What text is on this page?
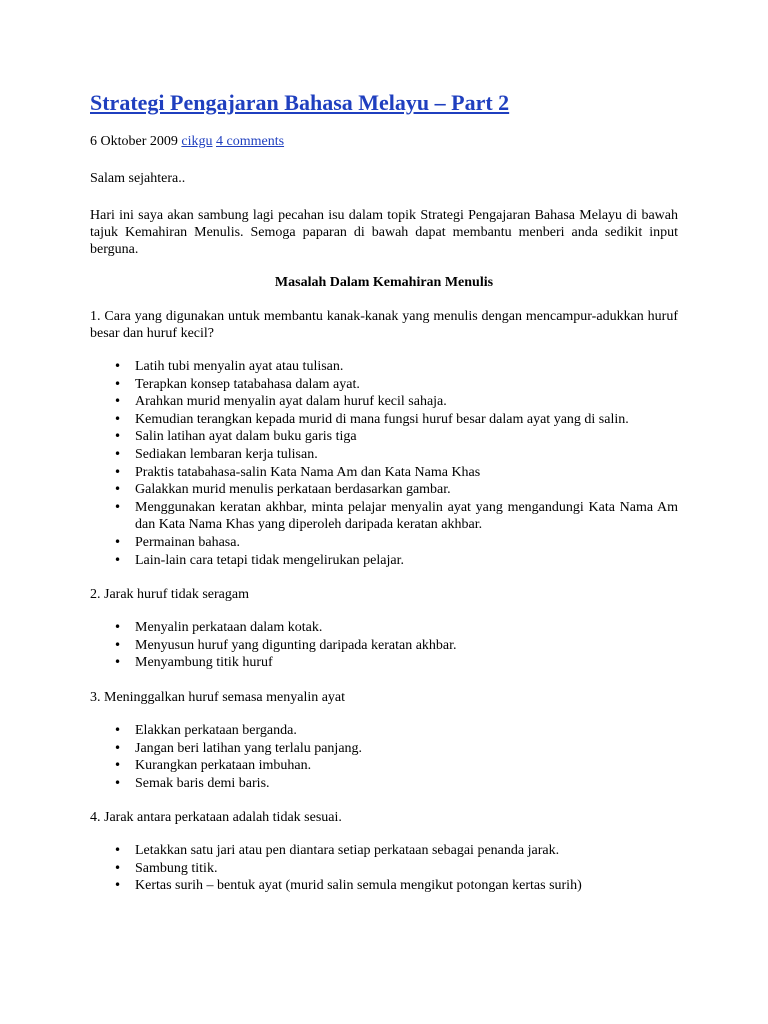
Strategi Pengajaran Bahasa Melayu – Part 2
6 Oktober 2009 cikgu 4 comments

Salam sejahtera..

Hari ini saya akan sambung lagi pecahan isu dalam topik Strategi Pengajaran Bahasa Melayu di bawah tajuk Kemahiran Menulis. Semoga paparan di bawah dapat membantu menberi anda sedikit input berguna.

Masalah Dalam Kemahiran Menulis

1. Cara yang digunakan untuk membantu kanak-kanak yang menulis dengan mencampur-adukkan huruf besar dan huruf kecil?

• Latih tubi menyalin ayat atau tulisan.
• Terapkan konsep tatabahasa dalam ayat.
• Arahkan murid menyalin ayat dalam huruf kecil sahaja.
• Kemudian terangkan kepada murid di mana fungsi huruf besar dalam ayat yang di salin.
• Salin latihan ayat dalam buku garis tiga
• Sediakan lembaran kerja tulisan.
• Praktis tatabahasa-salin Kata Nama Am dan Kata Nama Khas
• Galakkan murid menulis perkataan berdasarkan gambar.
• Menggunakan keratan akhbar, minta pelajar menyalin ayat yang mengandungi Kata Nama Am dan Kata Nama Khas yang diperoleh daripada keratan akhbar.
• Permainan bahasa.
• Lain-lain cara tetapi tidak mengelirukan pelajar.

2. Jarak huruf tidak seragam

• Menyalin perkataan dalam kotak.
• Menyusun huruf yang digunting daripada keratan akhbar.
• Menyambung titik huruf

3. Meninggalkan huruf semasa menyalin ayat

• Elakkan perkataan berganda.
• Jangan beri latihan yang terlalu panjang.
• Kurangkan perkataan imbuhan.
• Semak baris demi baris.

4. Jarak antara perkataan adalah tidak sesuai.

• Letakkan satu jari atau pen diantara setiap perkataan sebagai penanda jarak.
• Sambung titik.
• Kertas surih – bentuk ayat (murid salin semula mengikut potongan kertas surih)
